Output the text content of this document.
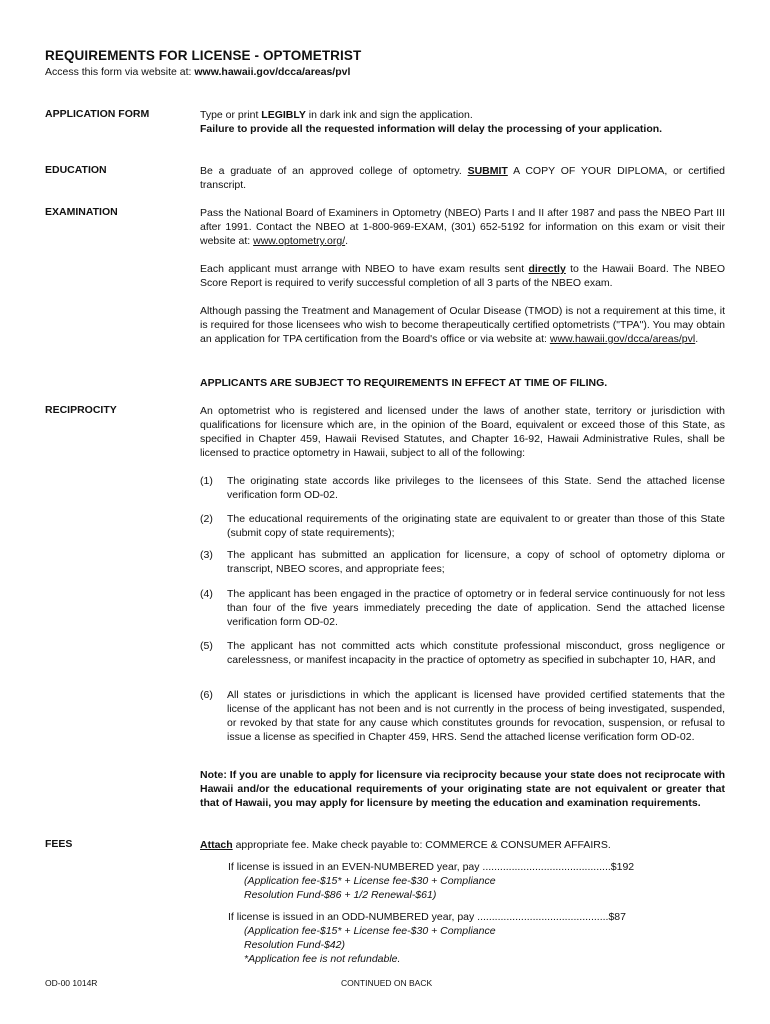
REQUIREMENTS FOR LICENSE - OPTOMETRIST
Access this form via website at: www.hawaii.gov/dcca/areas/pvl
APPLICATION FORM	Type or print LEGIBLY in dark ink and sign the application.

Failure to provide all the requested information will delay the processing of your application.

EDUCATION	Be a graduate of an approved college of optometry. SUBMIT A COPY OF YOUR DIPLOMA, or certified transcript.

EXAMINATION	Pass the National Board of Examiners in Optometry (NBEO) Parts I and II after 1987 and pass the NBEO Part III after 1991. Contact the NBEO at 1-800-969-EXAM, (301) 652-5192 for information on this exam or visit their website at: www.optometry.org/.

Each applicant must arrange with NBEO to have exam results sent directly to the Hawaii Board. The NBEO Score Report is required to verify successful completion of all 3 parts of the NBEO exam.

Although passing the Treatment and Management of Ocular Disease (TMOD) is not a requirement at this time, it is required for those licensees who wish to become therapeutically certified optometrists ("TPA"). You may obtain an application for TPA certification from the Board's office or via website at: www.hawaii.gov/dcca/areas/pvl.

APPLICANTS ARE SUBJECT TO REQUIREMENTS IN EFFECT AT TIME OF FILING.
RECIPROCITY	An optometrist who is registered and licensed under the laws of another state, territory or jurisdiction with qualifications for licensure which are, in the opinion of the Board, equivalent or exceed those of this State, as specified in Chapter 459, Hawaii Revised Statutes, and Chapter 16-92, Hawaii Administrative Rules, shall be licensed to practice optometry in Hawaii, subject to all of the following:
(1)	The originating state accords like privileges to the licensees of this State. Send the attached license verification form OD-02.
(2)	The educational requirements of the originating state are equivalent to or greater than those of this State (submit copy of state requirements);
(3)	The applicant has submitted an application for licensure, a copy of school of optometry diploma or transcript, NBEO scores, and appropriate fees;
(4)	The applicant has been engaged in the practice of optometry or in federal service continuously for not less than four of the five years immediately preceding the date of application. Send the attached license verification form OD-02.
(5)	The applicant has not committed acts which constitute professional misconduct, gross negligence or carelessness, or manifest incapacity in the practice of optometry as specified in subchapter 10, HAR, and
(6)	All states or jurisdictions in which the applicant is licensed have provided certified statements that the license of the applicant has not been and is not currently in the process of being investigated, suspended, or revoked by that state for any cause which constitutes grounds for revocation, suspension, or refusal to issue a license as specified in Chapter 459, HRS. Send the attached license verification form OD-02.
Note: If you are unable to apply for licensure via reciprocity because your state does not reciprocate with Hawaii and/or the educational requirements of your originating state are not equivalent or greater that that of Hawaii, you may apply for licensure by meeting the education and examination requirements.
FEES	Attach appropriate fee. Make check payable to: COMMERCE & CONSUMER AFFAIRS.

If license is issued in an EVEN-NUMBERED year, pay ............................................$192
(Application fee-$15* + License fee-$30 + Compliance
Resolution Fund-$86 + 1/2 Renewal-$61)
If license is issued in an ODD-NUMBERED year, pay .............................................$87
(Application fee-$15* + License fee-$30 + Compliance
Resolution Fund-$42)
*Application fee is not refundable.
OD-00 1014R	CONTINUED ON BACK
